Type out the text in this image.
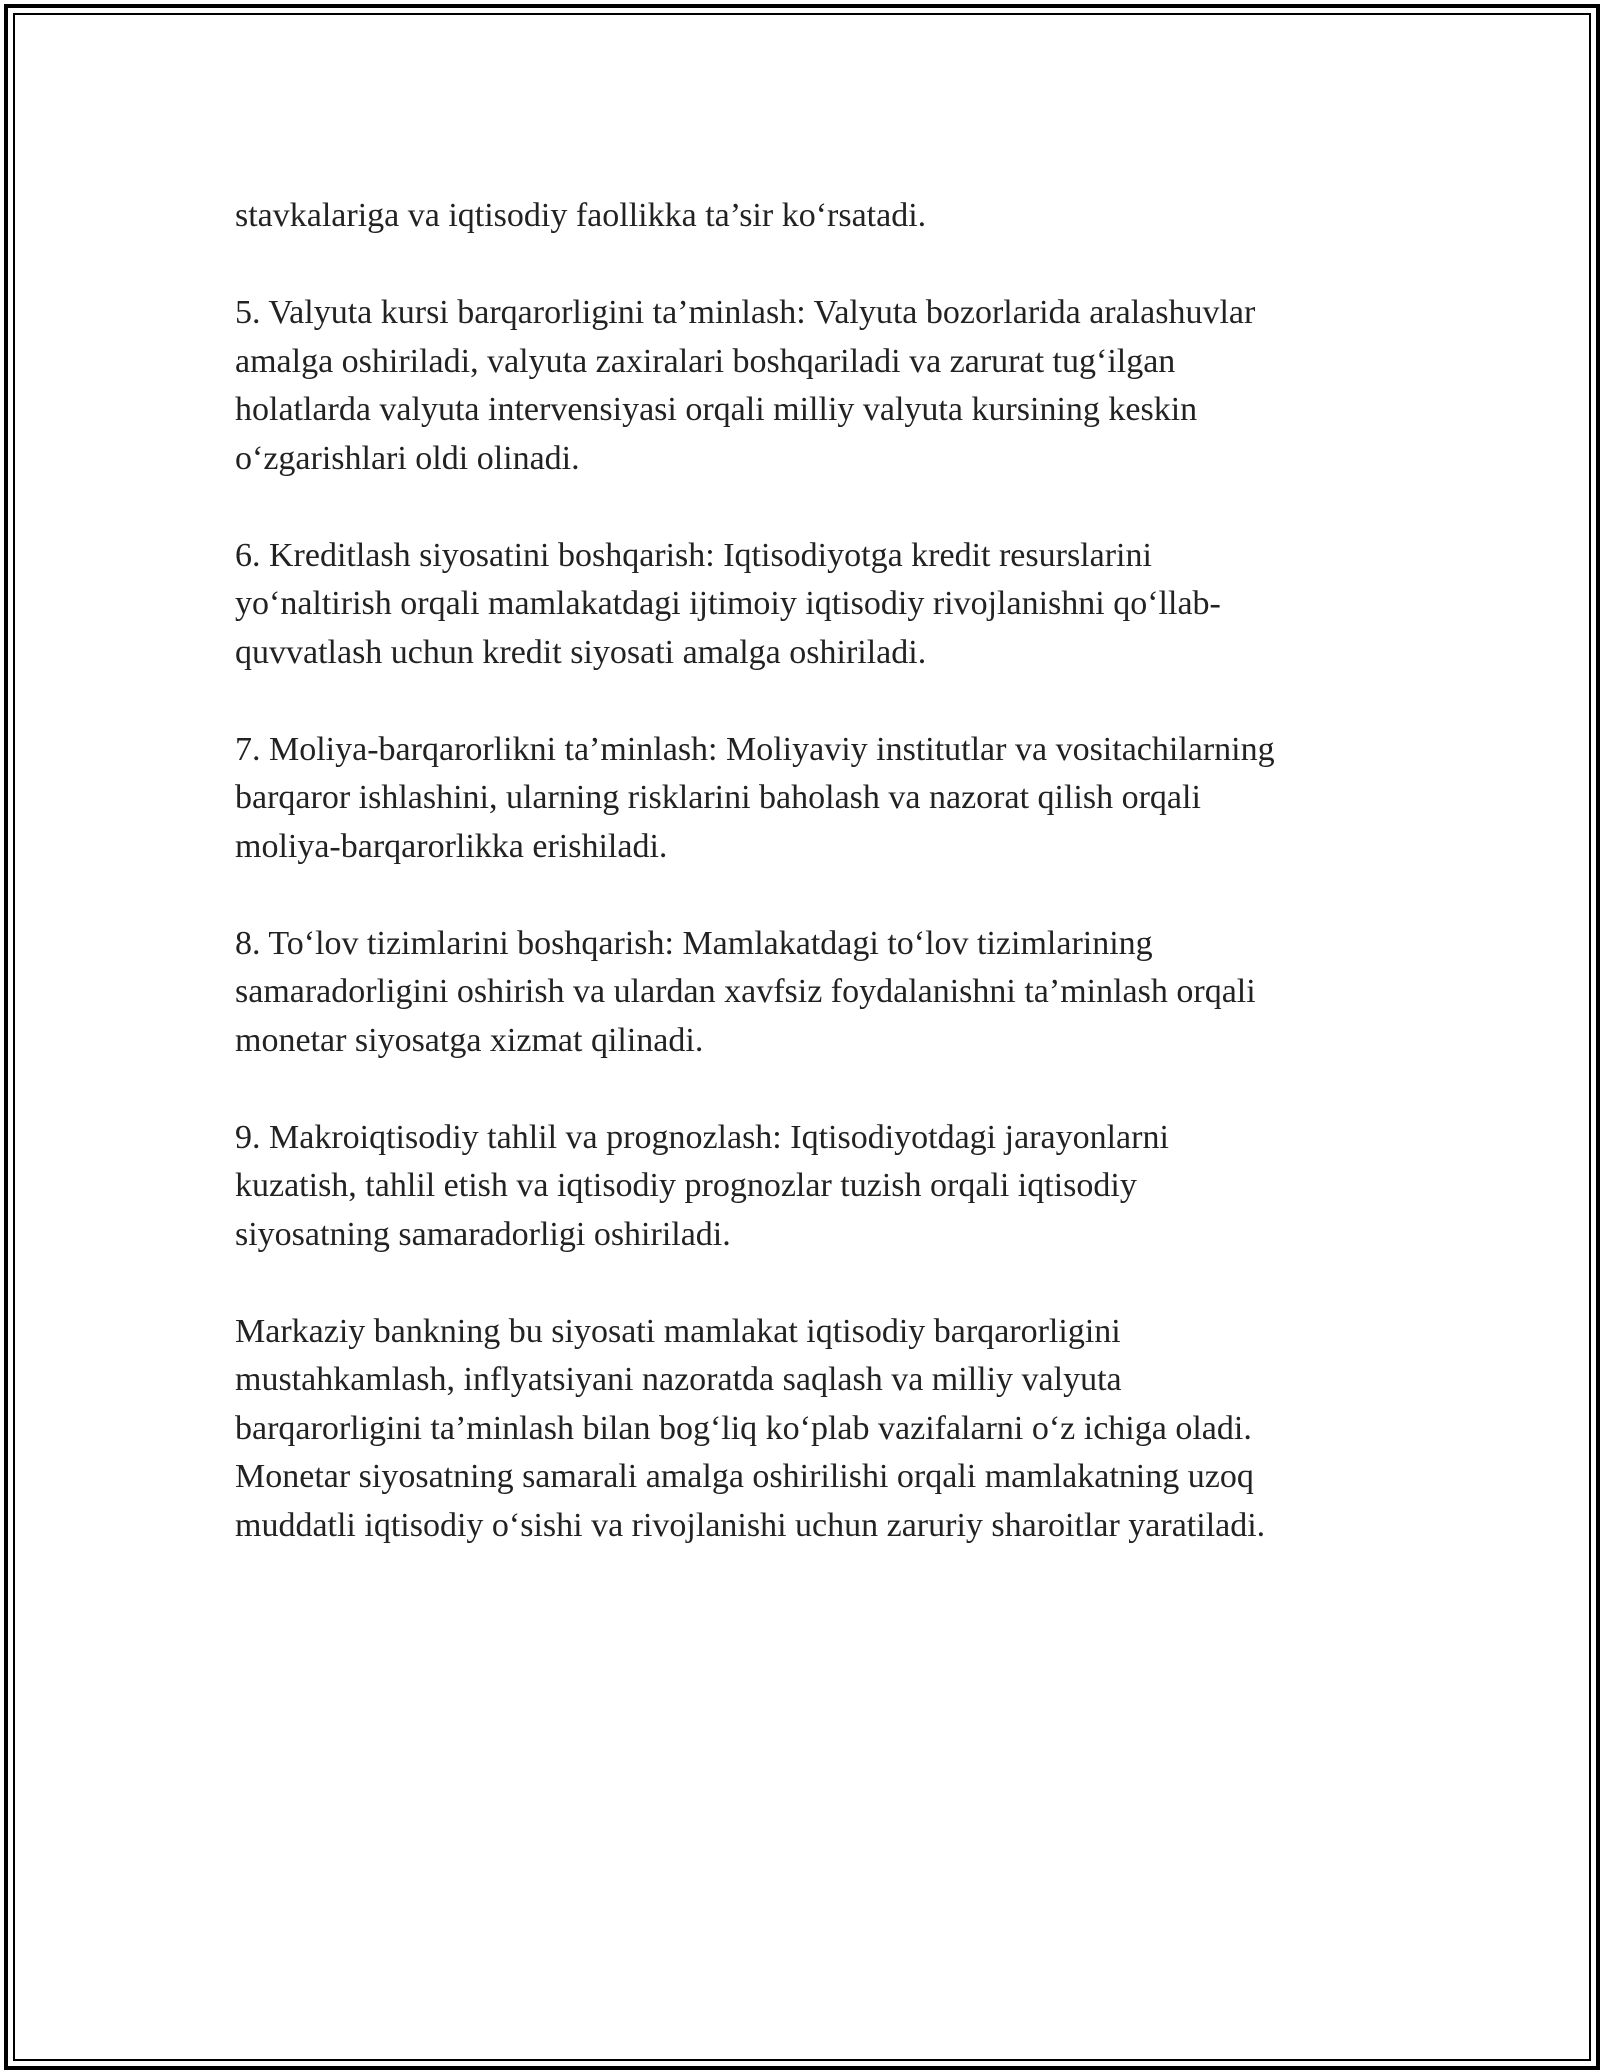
stavkalariga va iqtisodiy faollikka ta’sir ko‘rsatadi.

5. Valyuta kursi barqarorligini ta’minlash: Valyuta bozorlarida aralashuvlar
amalga oshiriladi, valyuta zaxiralari boshqariladi va zarurat tug‘ilgan
holatlarda valyuta intervensiyasi orqali milliy valyuta kursining keskin
o‘zgarishlari oldi olinadi.

6. Kreditlash siyosatini boshqarish: Iqtisodiyotga kredit resurslarini
yo‘naltirish orqali mamlakatdagi ijtimoiy iqtisodiy rivojlanishni qo‘llab-
quvvatlash uchun kredit siyosati amalga oshiriladi.

7. Moliya-barqarorlikni ta’minlash: Moliyaviy institutlar va vositachilarning
barqaror ishlashini, ularning risklarini baholash va nazorat qilish orqali
moliya-barqarorlikka erishiladi.

8. To‘lov tizimlarini boshqarish: Mamlakatdagi to‘lov tizimlarining
samaradorligini oshirish va ulardan xavfsiz foydalanishni ta’minlash orqali
monetar siyosatga xizmat qilinadi.

9. Makroiqtisodiy tahlil va prognozlash: Iqtisodiyotdagi jarayonlarni
kuzatish, tahlil etish va iqtisodiy prognozlar tuzish orqali iqtisodiy
siyosatning samaradorligi oshiriladi.

Markaziy bankning bu siyosati mamlakat iqtisodiy barqarorligini
mustahkamlash, inflyatsiyani nazoratda saqlash va milliy valyuta
barqarorligini ta’minlash bilan bog‘liq ko‘plab vazifalarni o‘z ichiga oladi.
Monetar siyosatning samarali amalga oshirilishi orqali mamlakatning uzoq
muddatli iqtisodiy o‘sishi va rivojlanishi uchun zaruriy sharoitlar yaratiladi.
